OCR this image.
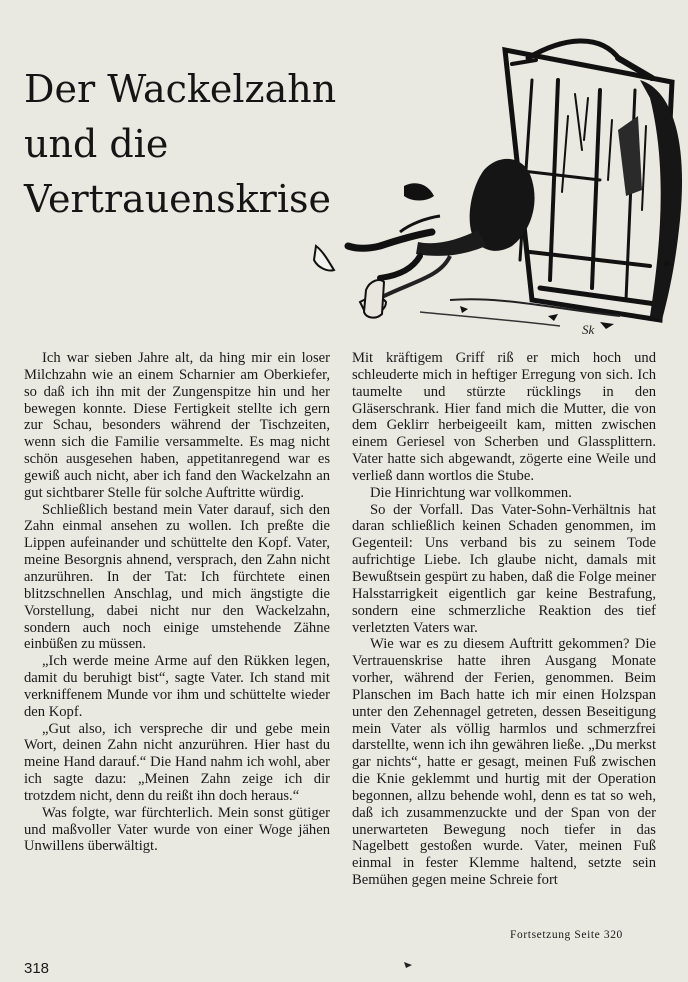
Der Wackelzahn
und die
Vertrauenskrise
Sk

Ich war sieben Jahre alt, da hing mir ein loser Milchzahn wie an einem Scharnier am Oberkiefer, so daß ich ihn mit der Zungenspitze hin und her bewegen konnte. Diese Fertigkeit stellte ich gern zur Schau, besonders während der Tischzeiten, wenn sich die Familie versammelte. Es mag nicht schön ausgesehen haben, appetitanregend war es gewiß auch nicht, aber ich fand den Wackelzahn an gut sichtbarer Stelle für solche Auftritte würdig.

Schließlich bestand mein Vater darauf, sich den Zahn einmal ansehen zu wollen. Ich preßte die Lippen aufeinander und schüttelte den Kopf. Vater, meine Besorgnis ahnend, versprach, den Zahn nicht anzurühren. In der Tat: Ich fürchtete einen blitzschnellen Anschlag, und mich ängstigte die Vorstellung, dabei nicht nur den Wackelzahn, sondern auch noch einige umstehende Zähne einbüßen zu müssen.

„Ich werde meine Arme auf den Rükken legen, damit du beruhigt bist“, sagte Vater. Ich stand mit verkniffenem Munde vor ihm und schüttelte wieder den Kopf.

„Gut also, ich verspreche dir und gebe mein Wort, deinen Zahn nicht anzurühren. Hier hast du meine Hand darauf.“ Die Hand nahm ich wohl, aber ich sagte dazu: „Meinen Zahn zeige ich dir trotzdem nicht, denn du reißt ihn doch heraus.“

Was folgte, war fürchterlich. Mein sonst gütiger und maßvoller Vater wurde von einer Woge jähen Unwillens überwältigt.

Mit kräftigem Griff riß er mich hoch und schleuderte mich in heftiger Erregung von sich. Ich taumelte und stürzte rücklings in den Gläserschrank. Hier fand mich die Mutter, die von dem Geklirr herbeigeeilt kam, mitten zwischen einem Geriesel von Scherben und Glassplittern. Vater hatte sich abgewandt, zögerte eine Weile und verließ dann wortlos die Stube.

Die Hinrichtung war vollkommen.

So der Vorfall. Das Vater-Sohn-Verhältnis hat daran schließlich keinen Schaden genommen, im Gegenteil: Uns verband bis zu seinem Tode aufrichtige Liebe. Ich glaube nicht, damals mit Bewußtsein gespürt zu haben, daß die Folge meiner Halsstarrigkeit eigentlich gar keine Bestrafung, sondern eine schmerzliche Reaktion des tief verletzten Vaters war.

Wie war es zu diesem Auftritt gekommen? Die Vertrauenskrise hatte ihren Ausgang Monate vorher, während der Ferien, genommen. Beim Planschen im Bach hatte ich mir einen Holzspan unter den Zehennagel getreten, dessen Beseitigung mein Vater als völlig harmlos und schmerzfrei darstellte, wenn ich ihn gewähren ließe. „Du merkst gar nichts“, hatte er gesagt, meinen Fuß zwischen die Knie geklemmt und hurtig mit der Operation begonnen, allzu behende wohl, denn es tat so weh, daß ich zusammenzuckte und der Span von der unerwarteten Bewegung noch tiefer in das Nagelbett gestoßen wurde. Vater, meinen Fuß einmal in fester Klemme haltend, setzte sein Bemühen gegen meine Schreie fort

Fortsetzung Seite 320
318
